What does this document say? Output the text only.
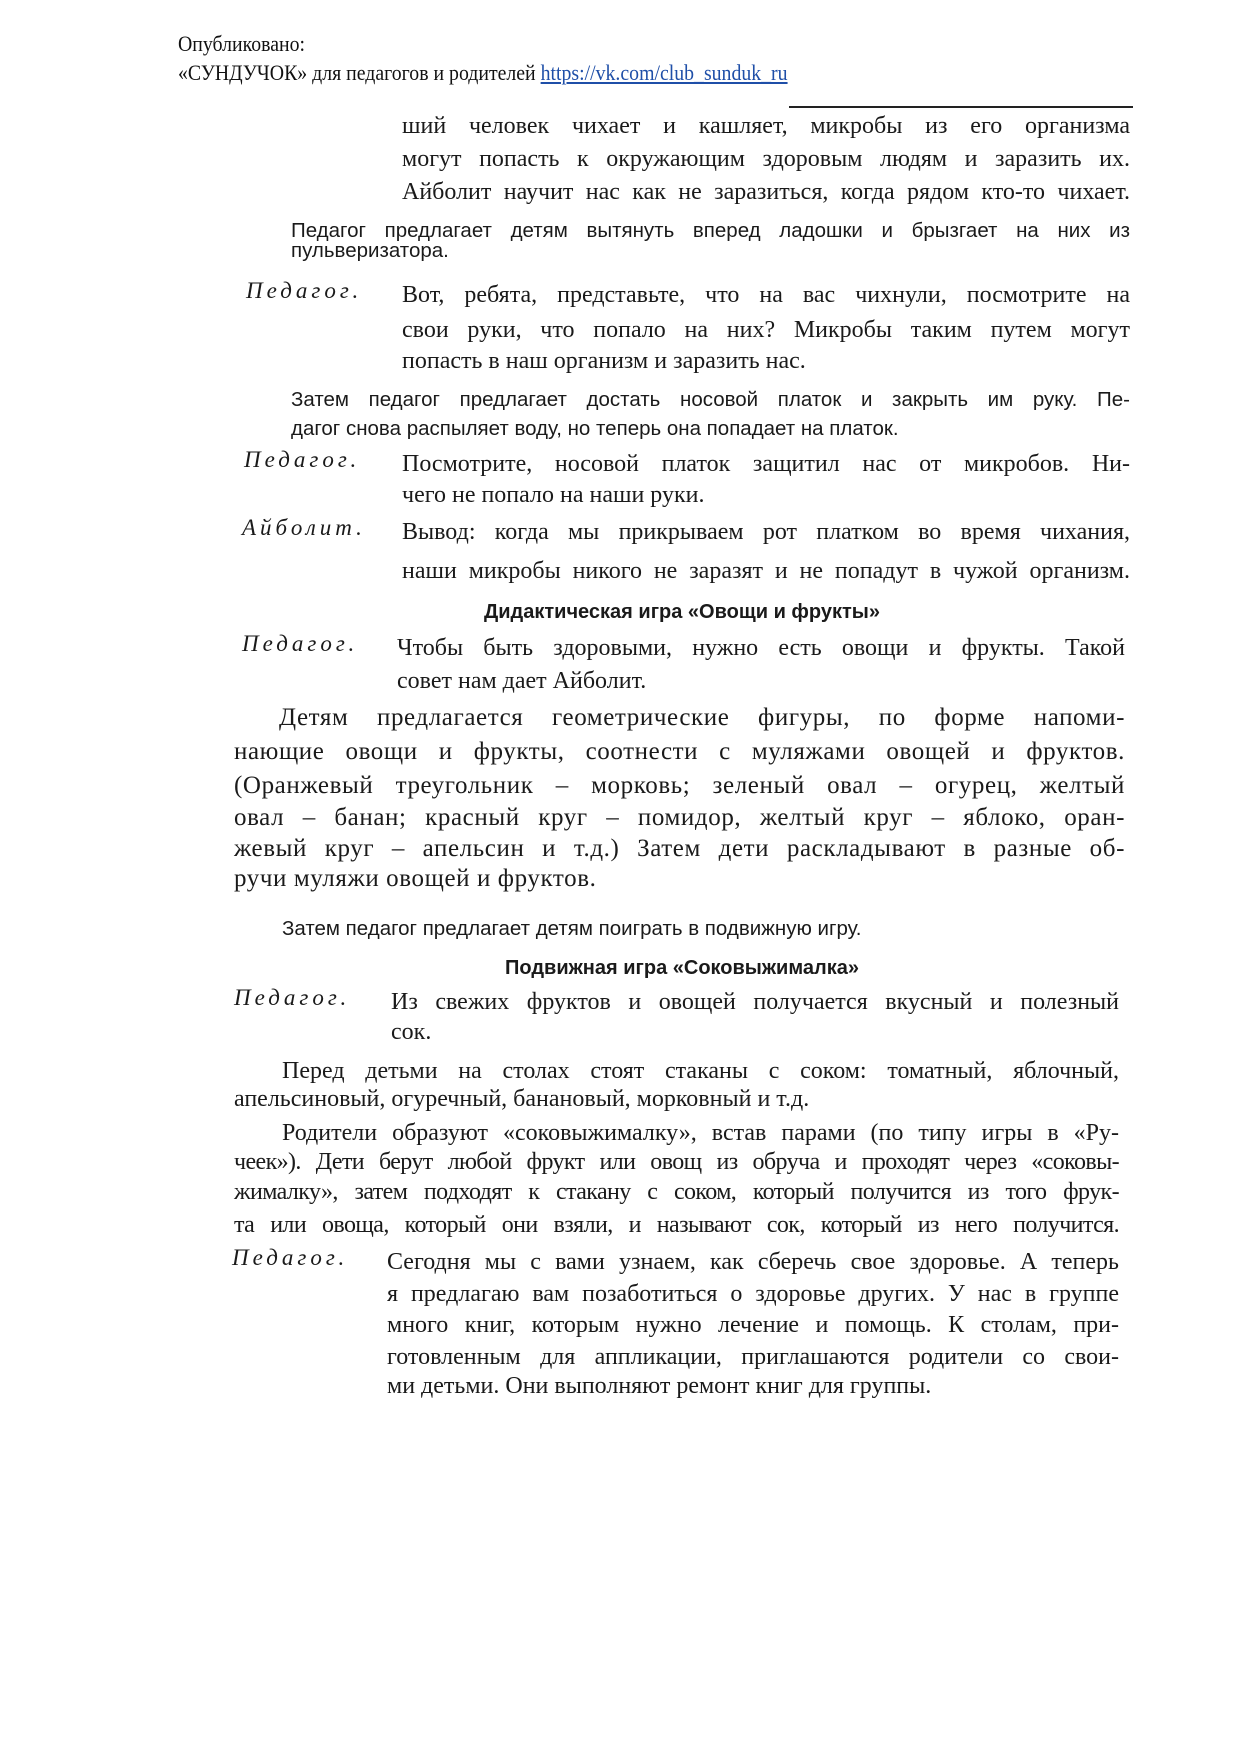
Опубликовано:
«СУНДУЧОК» для педагогов и родителей https://vk.com/club_sunduk_ru
ший человек чихает и кашляет, микробы из его организма
могут попасть к окружающим здоровым людям и заразить их.
Айболит научит нас как не заразиться, когда рядом кто-то чихает.
Педагог предлагает детям вытянуть вперед ладошки и брызгает на них из
пульверизатора.
Педагог. Вот, ребята, представьте, что на вас чихнули, посмотрите на
свои руки, что попало на них? Микробы таким путем могут
попасть в наш организм и заразить нас.
Затем педагог предлагает достать носовой платок и закрыть им руку. Пе-
дагог снова распыляет воду, но теперь она попадает на платок.
Педагог. Посмотрите, носовой платок защитил нас от микробов. Ни-
чего не попало на наши руки.
Айболит. Вывод: когда мы прикрываем рот платком во время чихания,
наши микробы никого не заразят и не попадут в чужой организм.
Дидактическая игра «Овощи и фрукты»
Педагог. Чтобы быть здоровыми, нужно есть овощи и фрукты. Такой
совет нам дает Айболит.
Детям предлагается геометрические фигуры, по форме напоми-
нающие овощи и фрукты, соотнести с муляжами овощей и фруктов.
(Оранжевый треугольник – морковь; зеленый овал – огурец, желтый
овал – банан; красный круг – помидор, желтый круг – яблоко, оран-
жевый круг – апельсин и т.д.) Затем дети раскладывают в разные об-
ручи муляжи овощей и фруктов.
Затем педагог предлагает детям поиграть в подвижную игру.
Подвижная игра «Соковыжималка»
Педагог. Из свежих фруктов и овощей получается вкусный и полезный
сок.
Перед детьми на столах стоят стаканы с соком: томатный, яблочный,
апельсиновый, огуречный, банановый, морковный и т.д.
Родители образуют «соковыжималку», встав парами (по типу игры в «Ру-
чеек»). Дети берут любой фрукт или овощ из обруча и проходят через «соковы-
жималку», затем подходят к стакану с соком, который получится из того фрук-
та или овоща, который они взяли, и называют сок, который из него получится.
Педагог. Сегодня мы с вами узнаем, как сберечь свое здоровье. А теперь
я предлагаю вам позаботиться о здоровье других. У нас в группе
много книг, которым нужно лечение и помощь. К столам, при-
готовленным для аппликации, приглашаются родители со свои-
ми детьми. Они выполняют ремонт книг для группы.
